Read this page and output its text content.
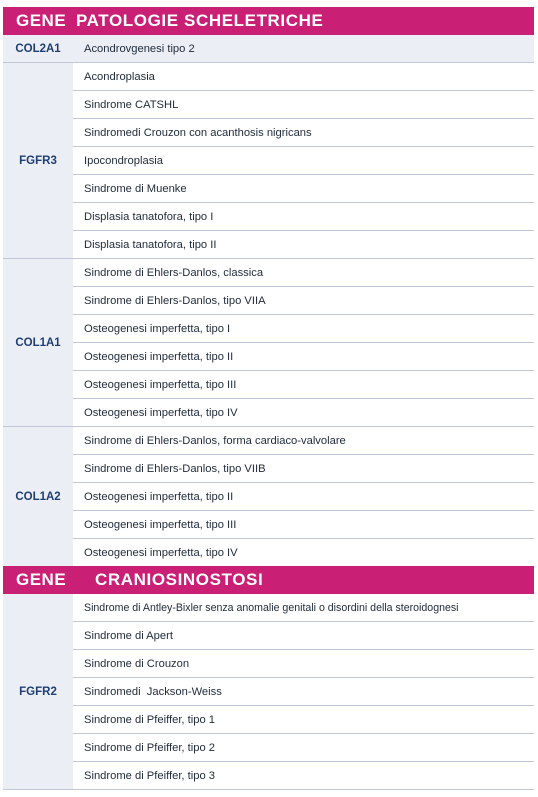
GENE PATOLOGIE SCHELETRICHE
COL2A1	Acondrovgenesi tipo 2
FGFR3
Acondroplasia
Sindrome CATSHL
Sindromedi Crouzon con acanthosis nigricans
Ipocondroplasia
Sindrome di Muenke
Displasia tanatofora, tipo I
Displasia tanatofora, tipo II
COL1A1
Sindrome di Ehlers-Danlos, classica
Sindrome di Ehlers-Danlos, tipo VIIA
Osteogenesi imperfetta, tipo I
Osteogenesi imperfetta, tipo II
Osteogenesi imperfetta, tipo III
Osteogenesi imperfetta, tipo IV
COL1A2
Sindrome di Ehlers-Danlos, forma cardiaco-valvolare
Sindrome di Ehlers-Danlos, tipo VIIB
Osteogenesi imperfetta, tipo II
Osteogenesi imperfetta, tipo III
Osteogenesi imperfetta, tipo IV
GENE CRANIOSINOSTOSI
FGFR2
Sindrome di Antley-Bixler senza anomalie genitali o disordini della steroidognesi
Sindrome di Apert
Sindrome di Crouzon
Sindromedi  Jackson-Weiss
Sindrome di Pfeiffer, tipo 1
Sindrome di Pfeiffer, tipo 2
Sindrome di Pfeiffer, tipo 3
